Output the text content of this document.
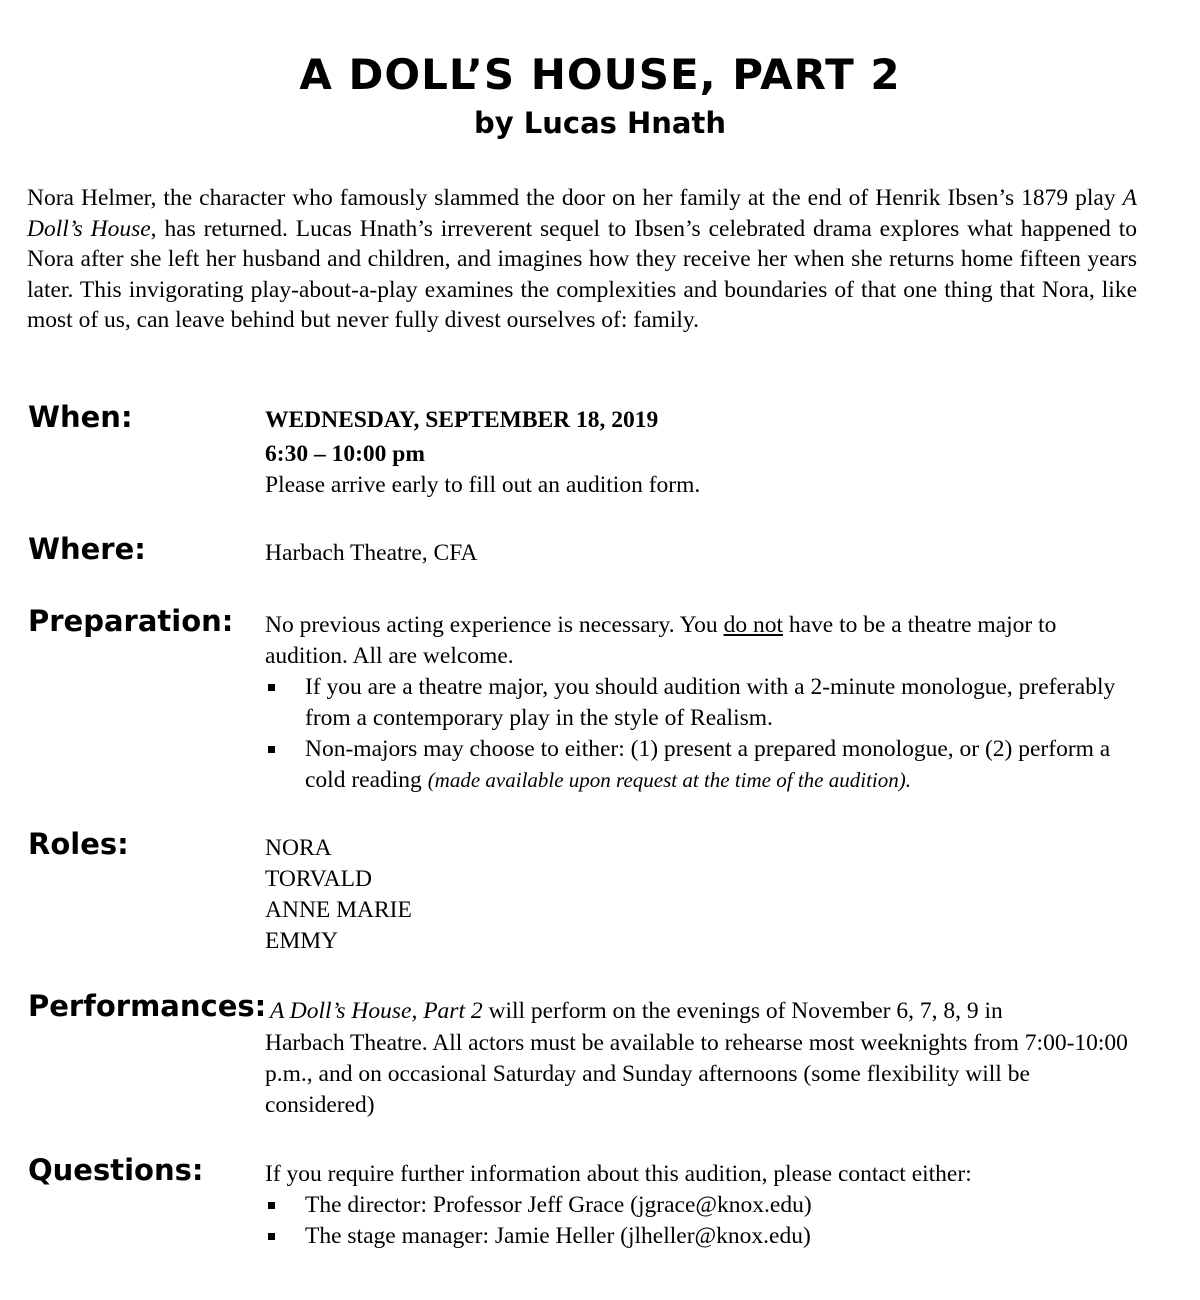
A DOLL’S HOUSE, PART 2
by Lucas Hnath
Nora Helmer, the character who famously slammed the door on her family at the end of Henrik Ibsen’s 1879 play A Doll’s House, has returned. Lucas Hnath’s irreverent sequel to Ibsen’s celebrated drama explores what happened to Nora after she left her husband and children, and imagines how they receive her when she returns home fifteen years later. This invigorating play-about-a-play examines the complexities and boundaries of that one thing that Nora, like most of us, can leave behind but never fully divest ourselves of: family.
When:	WEDNESDAY, SEPTEMBER 18, 2019

6:30 – 10:00 pm

Please arrive early to fill out an audition form.

Where:	Harbach Theatre, CFA

Preparation: No previous acting experience is necessary. You do not have to be a theatre major to audition. All are welcome.

If you are a theatre major, you should audition with a 2-minute monologue, preferably from a contemporary play in the style of Realism.
Non-majors may choose to either: (1) present a prepared monologue, or (2) perform a cold reading (made available upon request at the time of the audition).
Roles:	NORA

TORVALD

ANNE MARIE

EMMY

Performances: A Doll’s House, Part 2 will perform on the evenings of November 6, 7, 8, 9 in

Harbach Theatre. All actors must be available to rehearse most weeknights from 7:00-10:00 p.m., and on occasional Saturday and Sunday afternoons (some flexibility will be considered)

Questions:	If you require further information about this audition, please contact either:

The director: Professor Jeff Grace (jgrace@knox.edu)
The stage manager: Jamie Heller (jlheller@knox.edu)
